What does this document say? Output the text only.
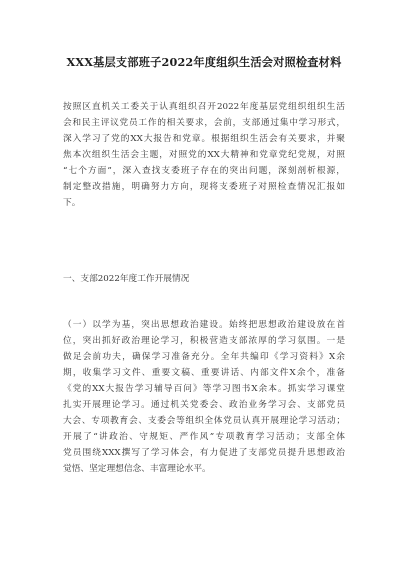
XXX基层支部班子2022年度组织生活会对照检查材料
按照区直机关工委关于认真组织召开2022年度基层党组织组织生活
会和民主评议党员工作的相关要求，会前，支部通过集中学习形式，
深入学习了党的XX大报告和党章。根据组织生活会有关要求，并聚
焦本次组织生活会主题，对照党的XX大精神和党章党纪党规，对照
“七个方面”，深入查找支委班子存在的突出问题，深刻剖析根源，
制定整改措施，明确努力方向，现将支委班子对照检查情况汇报如
下。
一、支部2022年度工作开展情况
（一）以学为基，突出思想政治建设。始终把思想政治建设放在首
位，突出抓好政治理论学习，积极营造支部浓厚的学习氛围。一是
做足会前功夫，确保学习准备充分。全年共编印《学习资料》X余
期，收集学习文件、重要文稿、重要讲话、内部文件X余个，准备
《党的XX大报告学习辅导百问》等学习图书X余本。抓实学习课堂
扎实开展理论学习。通过机关党委会、政治业务学习会、支部党员
大会、专项教育会、支委会等组织全体党员认真开展理论学习活动；
开展了“讲政治、守规矩、严作风”专项教育学习活动；支部全体
党员围绕XXX撰写了学习体会，有力促进了支部党员提升思想政治
觉悟、坚定理想信念、丰富理论水平。
